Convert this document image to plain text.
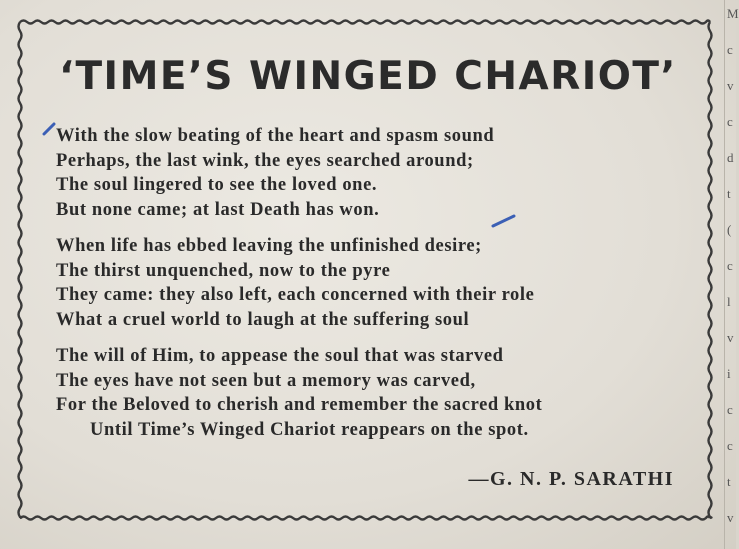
‘TIME’S WINGED CHARIOT’
With the slow beating of the heart and spasm sound
Perhaps, the last wink, the eyes searched around;
The soul lingered to see the loved one.
But none came; at last Death has won.
When life has ebbed leaving the unfinished desire;
The thirst unquenched, now to the pyre
They came: they also left, each concerned with their role
What a cruel world to laugh at the suffering soul
The will of Him, to appease the soul that was starved
The eyes have not seen but a memory was carved,
For the Beloved to cherish and remember the sacred knot
Until Time’s Winged Chariot reappears on the spot.
—G. N. P. SARATHI
M
c
v
c
d
t
(
c
l
v
i
c
c
t
v
